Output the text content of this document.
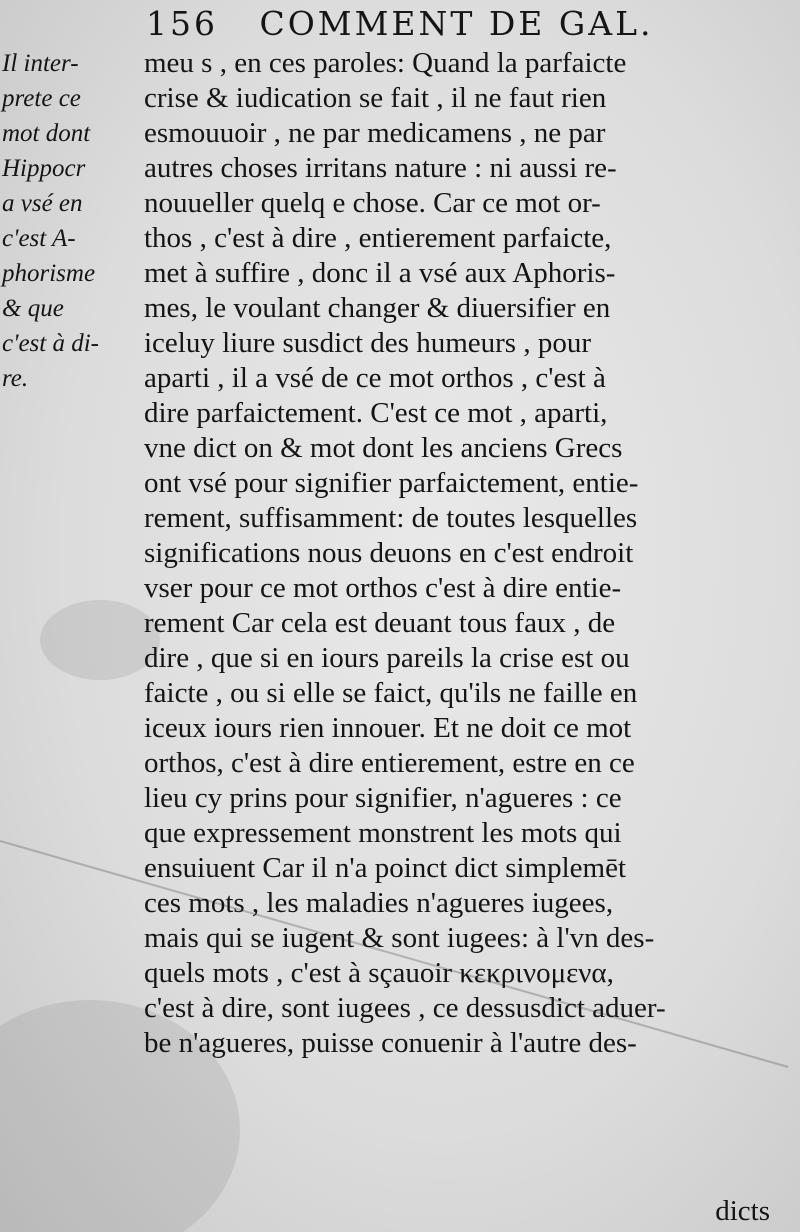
156 COMMENT DE GAL.
Il inter-
prete ce
mot dont
Hippocr
a vsé en
c'est A-
phorisme
& que
c'est à di-
re.
meu s , en ces paroles: Quand la parfaicte
crise & iudication se fait , il ne faut rien
esmouuoir , ne par medicamens , ne par
autres choses irritans nature : ni aussi re-
nouueller quelq e chose. Car ce mot or-
thos , c'est à dire , entierement parfaicte,
met à suffire , donc il a vsé aux Aphoris-
mes, le voulant changer & diuersifier en
iceluy liure susdict des humeurs , pour
aparti , il a vsé de ce mot orthos , c'est à
dire parfaictement. C'est ce mot , aparti,
vne dict on & mot dont les anciens Grecs
ont vsé pour signifier parfaictement, entie-
rement, suffisamment: de toutes lesquelles
significations nous deuons en c'est endroit
vser pour ce mot orthos c'est à dire entie-
rement Car cela est deuant tous faux , de
dire , que si en iours pareils la crise est ou
faicte , ou si elle se faict, qu'ils ne faille en
iceux iours rien innouer. Et ne doit ce mot
orthos, c'est à dire entierement, estre en ce
lieu cy prins pour signifier, n'agueres : ce
que expressement monstrent les mots qui
ensuiuent Car il n'a poinct dict simplemēt
ces mots , les maladies n'agueres iugees,
mais qui se iugent & sont iugees: à l'vn des-
quels mots , c'est à sçauoir κεκρινομενα,
c'est à dire, sont iugees , ce dessusdict aduer-
be n'agueres, puisse conuenir à l'autre des-
dicts
